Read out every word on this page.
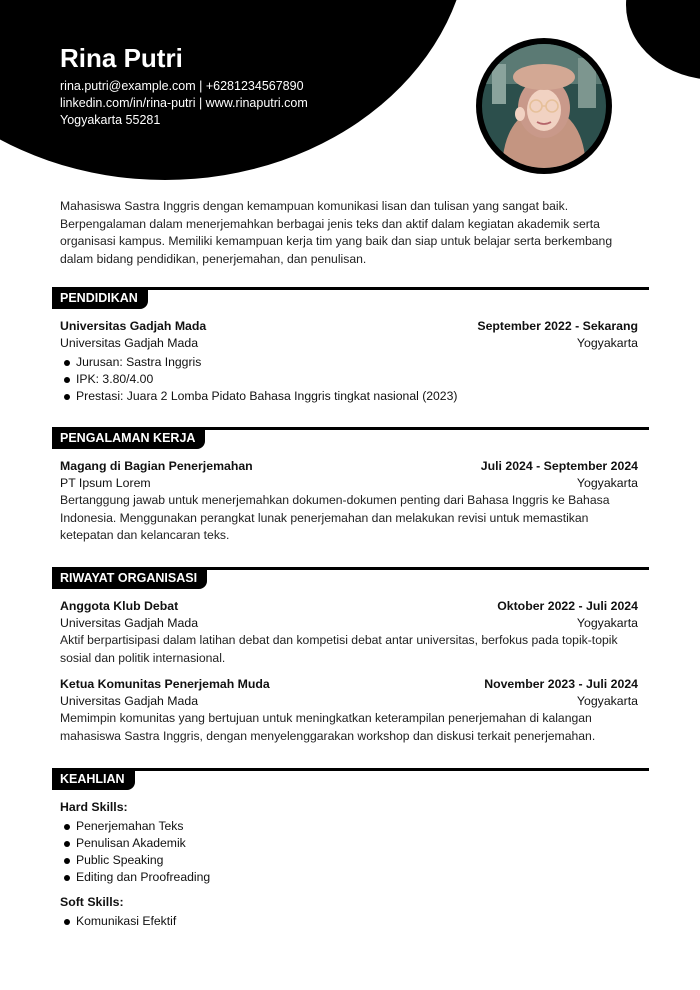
Rina Putri
rina.putri@example.com | +6281234567890
linkedin.com/in/rina-putri | www.rinaputri.com
Yogyakarta 55281
Mahasiswa Sastra Inggris dengan kemampuan komunikasi lisan dan tulisan yang sangat baik. Berpengalaman dalam menerjemahkan berbagai jenis teks dan aktif dalam kegiatan akademik serta organisasi kampus. Memiliki kemampuan kerja tim yang baik dan siap untuk belajar serta berkembang dalam bidang pendidikan, penerjemahan, dan penulisan.
PENDIDIKAN
Universitas Gadjah Mada	September 2022 - Sekarang
Universitas Gadjah Mada	Yogyakarta
Jurusan: Sastra Inggris
IPK: 3.80/4.00
Prestasi: Juara 2 Lomba Pidato Bahasa Inggris tingkat nasional (2023)
PENGALAMAN KERJA
Magang di Bagian Penerjemahan	Juli 2024 - September 2024
PT Ipsum Lorem	Yogyakarta
Bertanggung jawab untuk menerjemahkan dokumen-dokumen penting dari Bahasa Inggris ke Bahasa Indonesia. Menggunakan perangkat lunak penerjemahan dan melakukan revisi untuk memastikan ketepatan dan kelancaran teks.
RIWAYAT ORGANISASI
Anggota Klub Debat	Oktober 2022 - Juli 2024
Universitas Gadjah Mada	Yogyakarta
Aktif berpartisipasi dalam latihan debat dan kompetisi debat antar universitas, berfokus pada topik-topik sosial dan politik internasional.
Ketua Komunitas Penerjemah Muda	November 2023 - Juli 2024
Universitas Gadjah Mada	Yogyakarta
Memimpin komunitas yang bertujuan untuk meningkatkan keterampilan penerjemahan di kalangan mahasiswa Sastra Inggris, dengan menyelenggarakan workshop dan diskusi terkait penerjemahan.
KEAHLIAN
Hard Skills:
Penerjemahan Teks
Penulisan Akademik
Public Speaking
Editing dan Proofreading
Soft Skills:
Komunikasi Efektif
